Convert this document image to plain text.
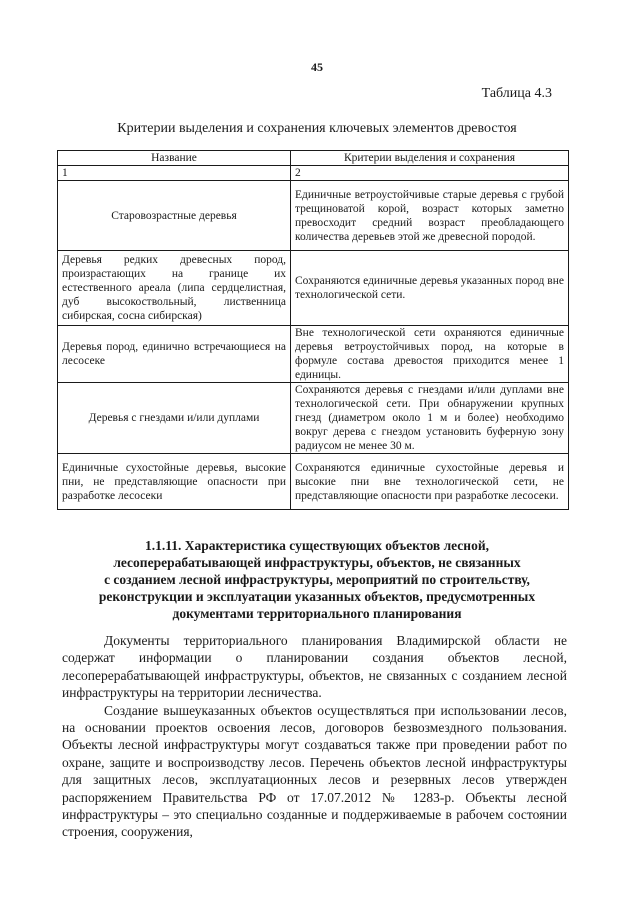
45
Таблица 4.3
Критерии выделения и сохранения ключевых элементов древостоя
Название	Критерии выделения и сохранения
1	2
Старовозрастные деревья	Единичные ветроустойчивые старые деревья с грубой трещиноватой корой, возраст которых заметно превосходит средний возраст преобладающего количества деревьев этой же древесной породой.
Деревья редких древесных пород, произрастающих на границе их естественного ареала (липа сердцелистная, дуб высокоствольный, лиственница сибирская, сосна сибирская)	Сохраняются единичные деревья указанных пород вне технологической сети.
Деревья пород, единично встречающиеся на лесосеке	Вне технологической сети охраняются единичные деревья ветроустойчивых пород, на которые в формуле состава древостоя приходится менее 1 единицы.
Деревья с гнездами и/или дуплами	Сохраняются деревья с гнездами и/или дуплами вне технологической сети. При обнаружении крупных гнезд (диаметром около 1 м и более) необходимо вокруг дерева с гнездом установить буферную зону радиусом не менее 30 м.
Единичные сухостойные деревья, высокие пни, не представляющие опасности при разработке лесосеки	Сохраняются единичные сухостойные деревья и высокие пни вне технологической сети, не представляющие опасности при разработке лесосеки.
1.1.11. Характеристика существующих объектов лесной,
лесоперерабатывающей инфраструктуры, объектов, не связанных
с созданием лесной инфраструктуры, мероприятий по строительству,
реконструкции и эксплуатации указанных объектов, предусмотренных
документами территориального планирования

Документы территориального планирования Владимирской области не содержат информации о планировании создания объектов лесной, лесоперерабатывающей инфраструктуры, объектов, не связанных с созданием лесной инфраструктуры на территории лесничества.

Создание вышеуказанных объектов осуществляться при использовании лесов, на основании проектов освоения лесов, договоров безвозмездного пользования. Объекты лесной инфраструктуры могут создаваться также при проведении работ по охране, защите и воспроизводству лесов. Перечень объектов лесной инфраструктуры для защитных лесов, эксплуатационных лесов и резервных лесов утвержден распоряжением Правительства РФ от 17.07.2012 № 1283-р. Объекты лесной инфраструктуры – это специально созданные и поддерживаемые в рабочем состоянии строения, сооружения,
